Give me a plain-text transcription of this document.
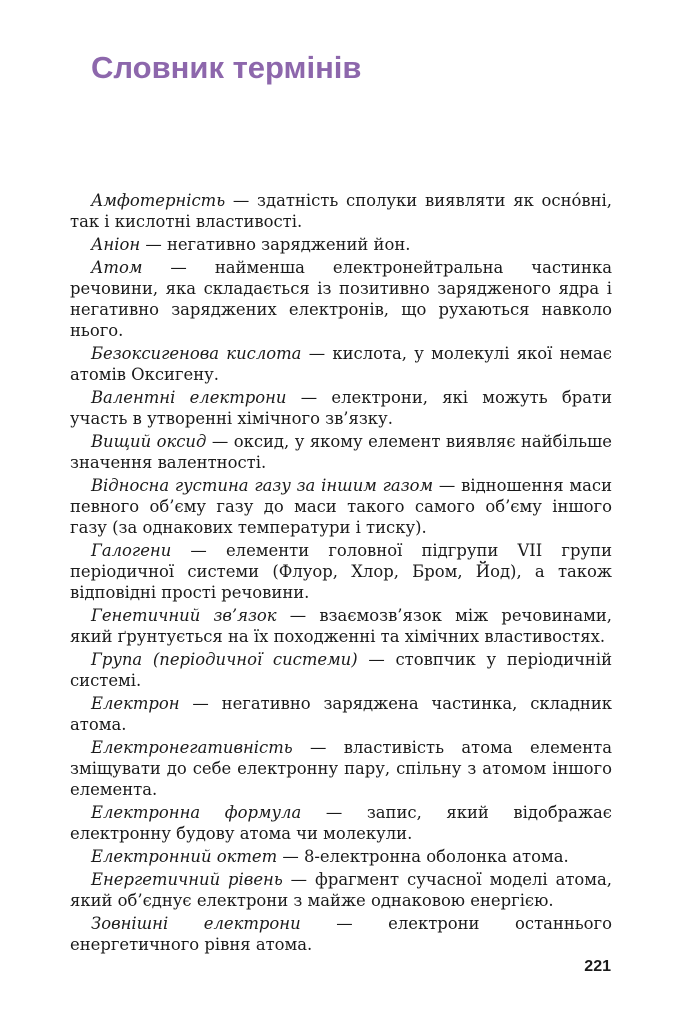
Словник термінів

Амфотерність — здатність сполуки виявляти як осно́вні, так і кислотні властивості.

Аніон — негативно заряджений йон.

Атом — найменша електронейтральна частинка речовини, яка складається із позитивно зарядженого ядра і негативно заряджених електронів, що рухаються навколо нього.

Безоксигенова кислота — кислота, у молекулі якої немає атомів Оксигену.

Валентні електрони — електрони, які можуть брати участь в утворенні хімічного зв’язку.

Вищий оксид — оксид, у якому елемент виявляє найбільше значення валентності.

Відносна густина газу за іншим газом — відношення маси певного об’єму газу до маси такого самого об’єму іншого газу (за однакових температури і тиску).

Галогени — елементи головної підгрупи VII групи періодичної системи (Флуор, Хлор, Бром, Йод), а також відповідні прості речовини.

Генетичний зв’язок — взаємозв’язок між речовинами, який ґрунтується на їх походженні та хімічних властивостях.

Група (періодичної системи) — стовпчик у періодичній системі.

Електрон — негативно заряджена частинка, складник атома.

Електронегативність — властивість атома елемента зміщувати до себе електронну пару, спільну з атомом іншого елемента.

Електронна формула — запис, який відображає електронну будову атома чи молекули.

Електронний октет — 8-електронна оболонка атома.

Енергетичний рівень — фрагмент сучасної моделі атома, який об’єднує електрони з майже однаковою енергією.

Зовнішні електрони — електрони останнього енергетичного рівня атома.

221
